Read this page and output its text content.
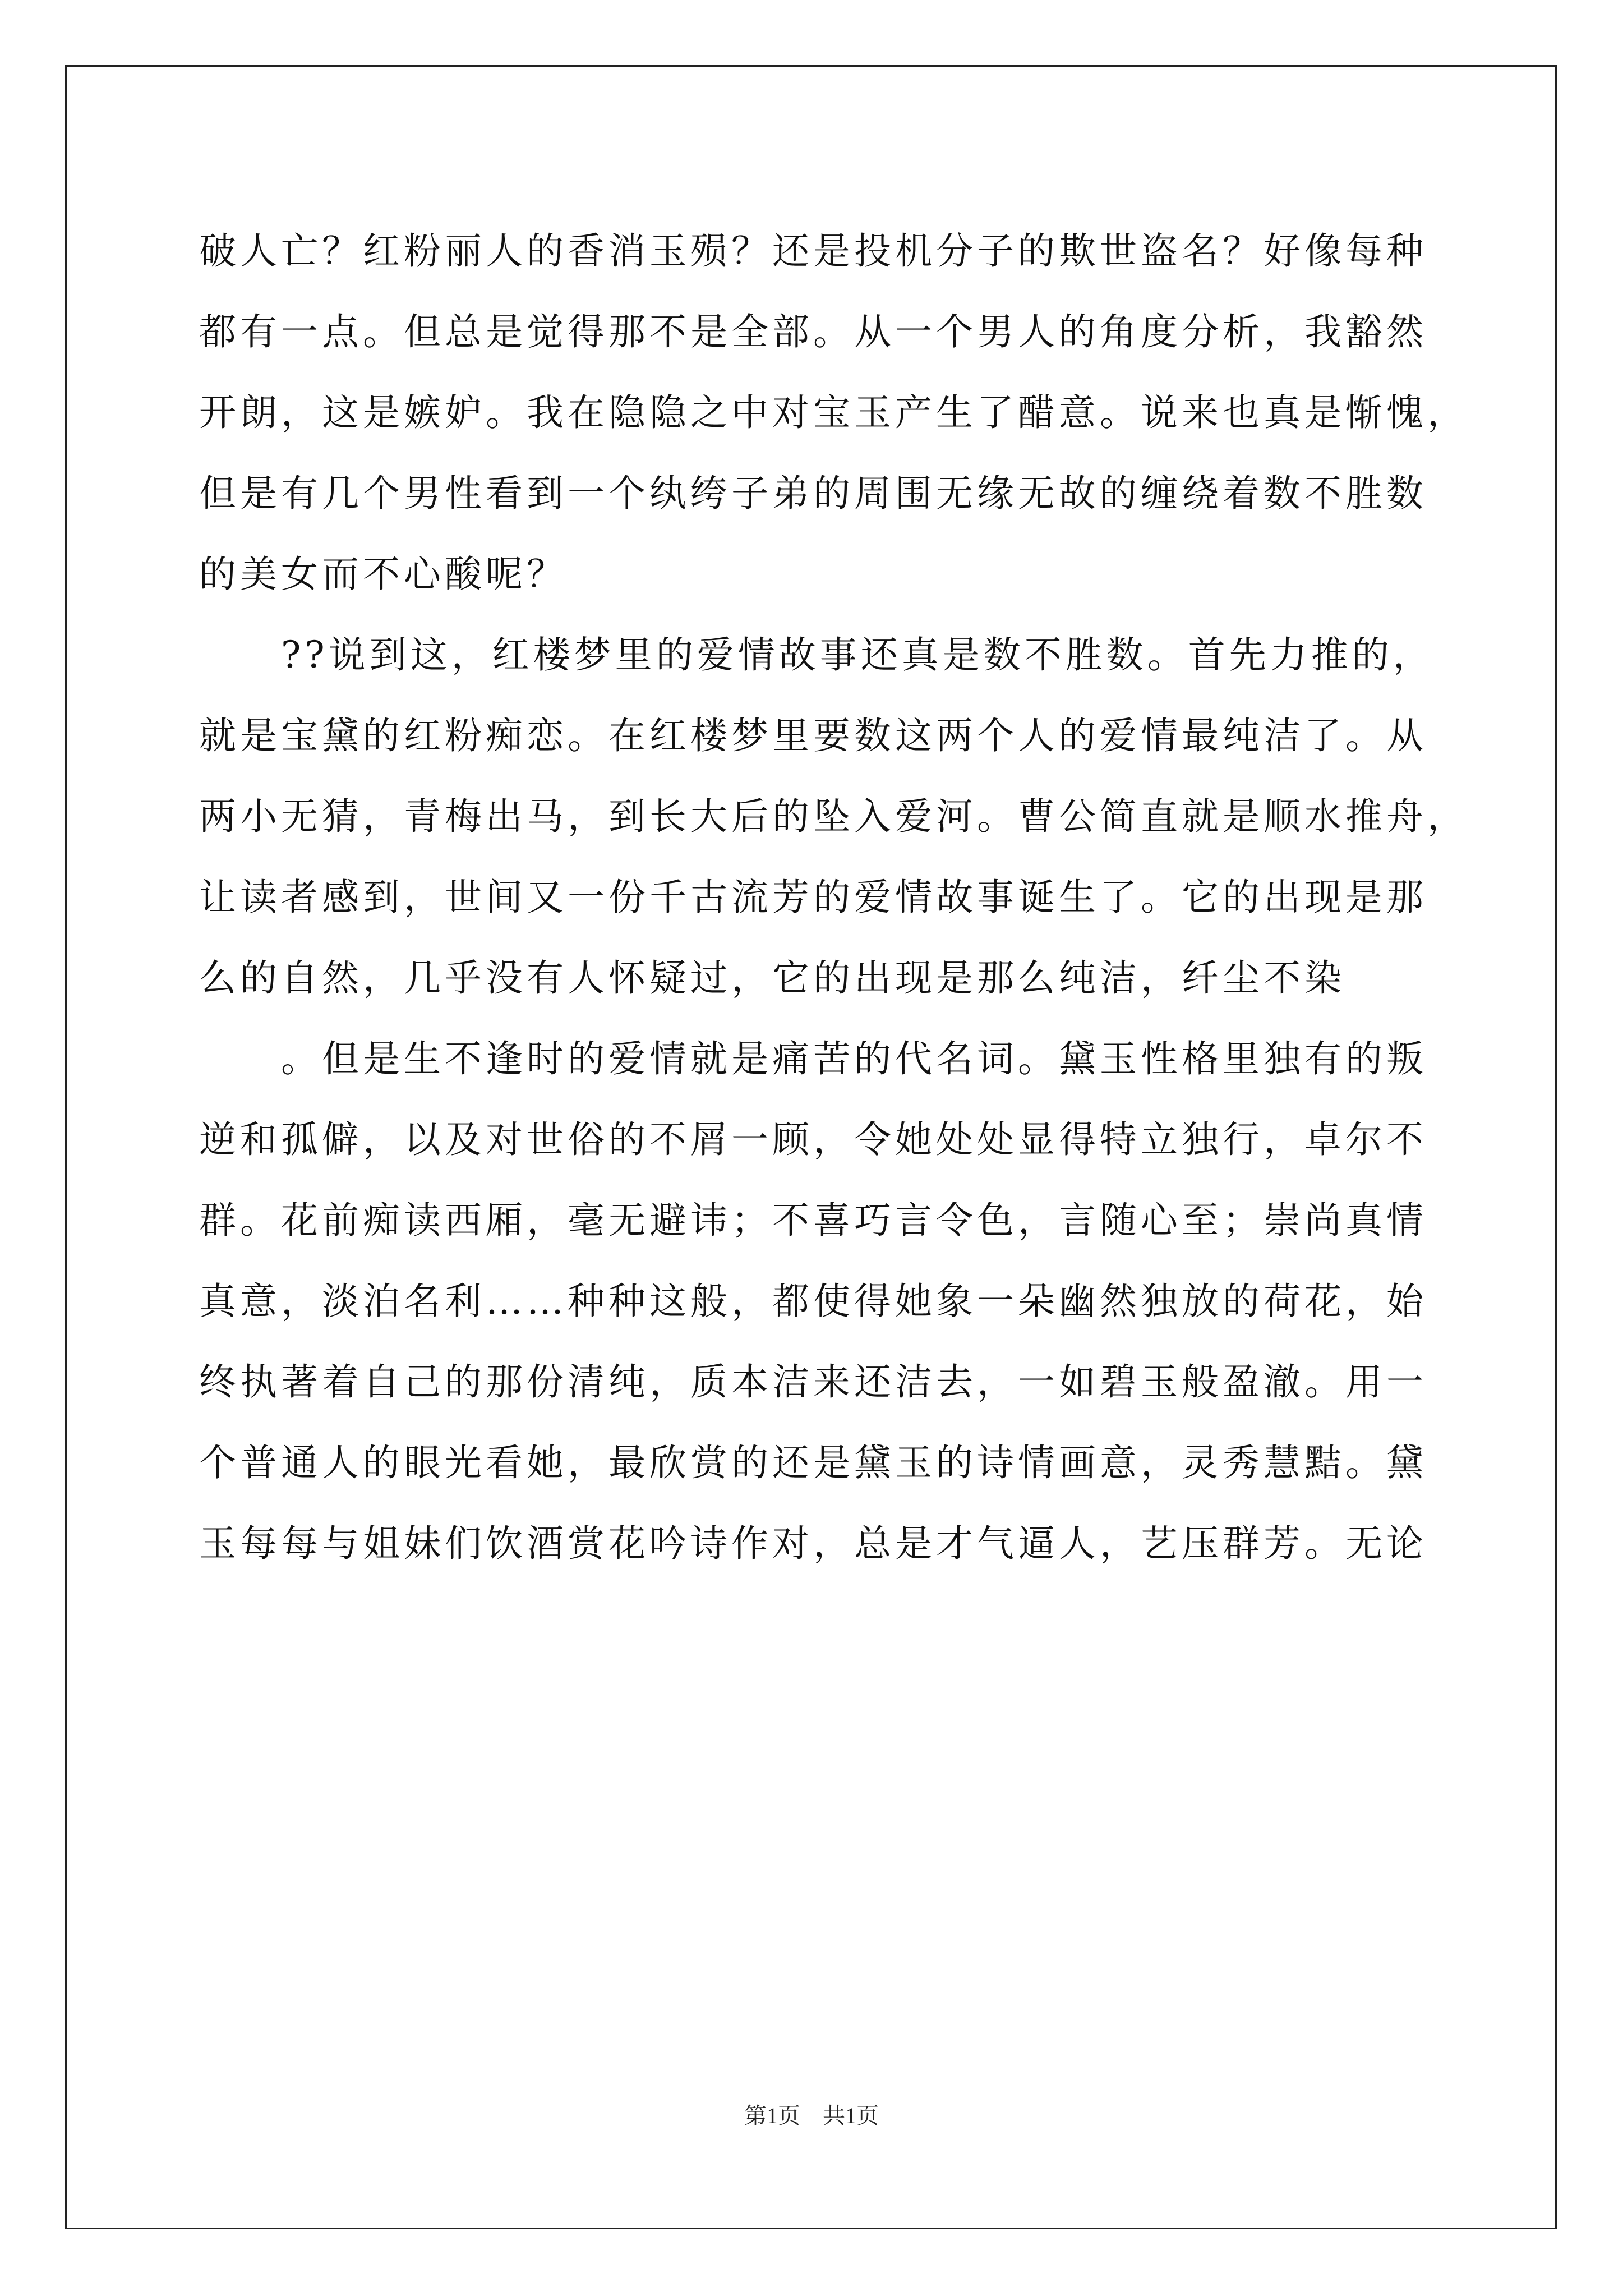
破人亡？红粉丽人的香消玉殒？还是投机分子的欺世盗名？好像每种
都有一点。但总是觉得那不是全部。从一个男人的角度分析，我豁然
开朗，这是嫉妒。我在隐隐之中对宝玉产生了醋意。说来也真是惭愧，
但是有几个男性看到一个纨绔子弟的周围无缘无故的缠绕着数不胜数
的美女而不心酸呢？
　　??说到这，红楼梦里的爱情故事还真是数不胜数。首先力推的，
就是宝黛的红粉痴恋。在红楼梦里要数这两个人的爱情最纯洁了。从
两小无猜，青梅出马，到长大后的坠入爱河。曹公简直就是顺水推舟，
让读者感到，世间又一份千古流芳的爱情故事诞生了。它的出现是那
么的自然，几乎没有人怀疑过，它的出现是那么纯洁，纤尘不染
　　。但是生不逢时的爱情就是痛苦的代名词。黛玉性格里独有的叛
逆和孤僻，以及对世俗的不屑一顾，令她处处显得特立独行，卓尔不
群。花前痴读西厢，毫无避讳；不喜巧言令色，言随心至；崇尚真情
真意，淡泊名利……种种这般，都使得她象一朵幽然独放的荷花，始
终执著着自己的那份清纯，质本洁来还洁去，一如碧玉般盈澈。用一
个普通人的眼光看她，最欣赏的还是黛玉的诗情画意，灵秀慧黠。黛
玉每每与姐妹们饮酒赏花吟诗作对，总是才气逼人，艺压群芳。无论
第1页　共1页
